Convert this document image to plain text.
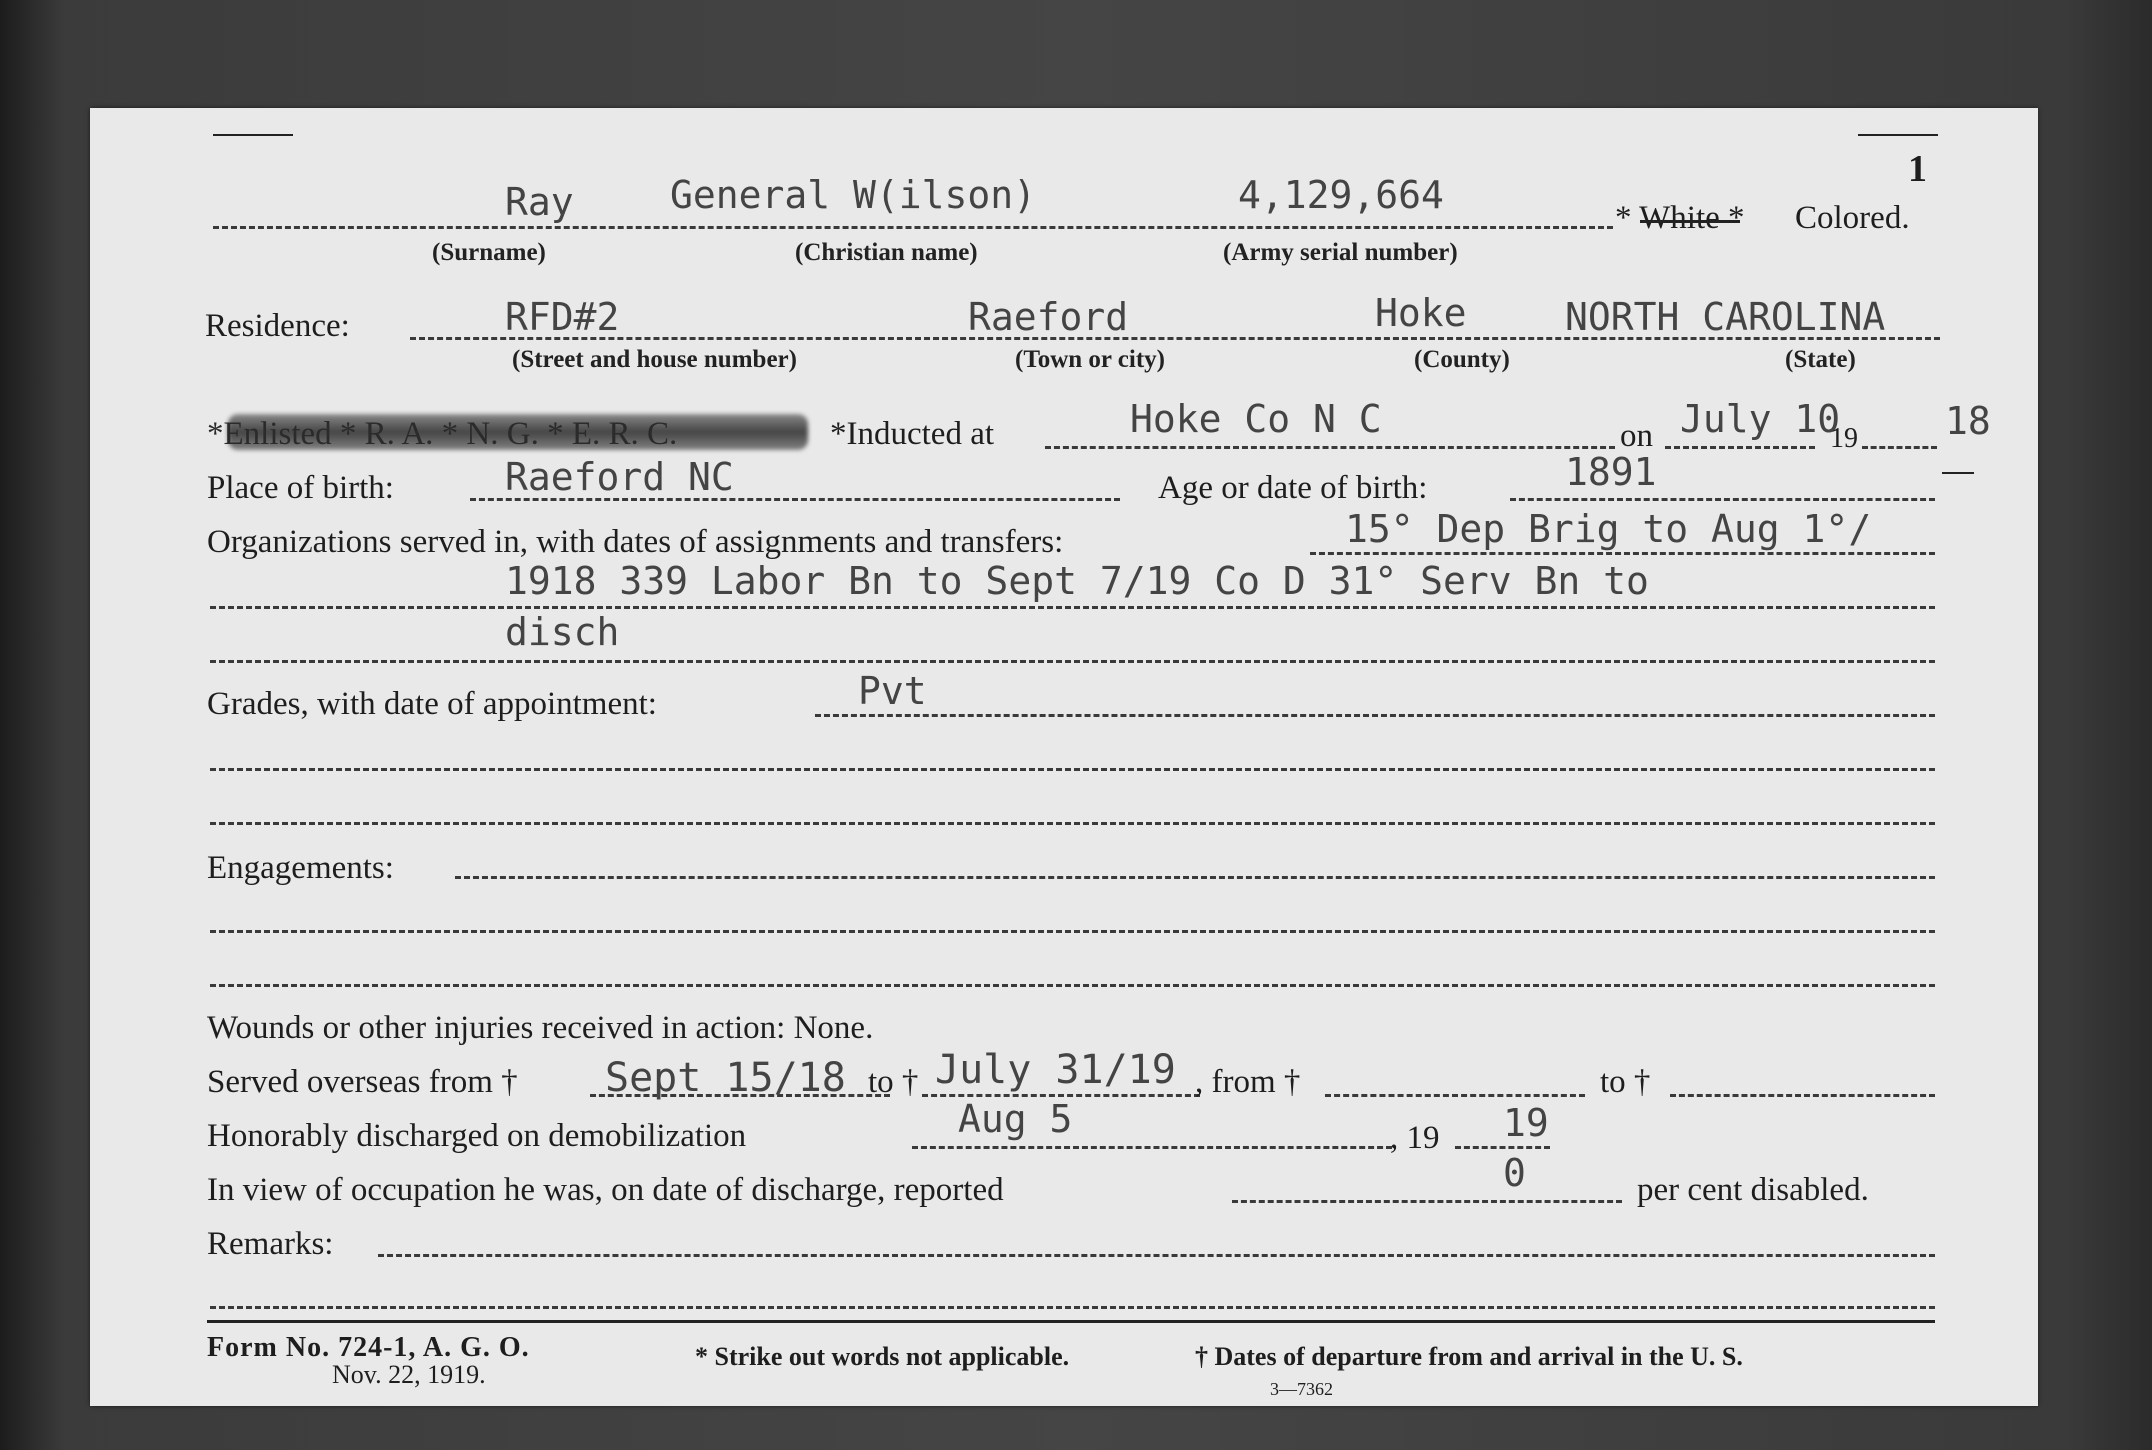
1
Ray	General W(ilson)	4,129,664
* White * Colored.
(Surname)	(Christian name)	(Army serial number)
Residence:	RFD#2	Raeford	Hoke	NORTH CAROLINA
(Street and house number)	(Town or city)	(County)	(State)
*Enlisted * R. A. * N. G. * E. R. C.	*Inducted at	Hoke Co N C	on July 10
19 18
Place of birth:	Raeford NC	Age or date of birth:	1891
Organizations served in, with dates of assignments and transfers:	15° Dep Brig to Aug 1°/
1918 339 Labor Bn to Sept 7/19 Co D 31° Serv Bn to
disch
Grades, with date of appointment:	Pvt
Engagements:
Wounds or other injuries received in action: None.
Served overseas from † Sept 15/18 to † July 31/19 , from †	to †
Honorably discharged on demobilization	Aug 5	, 19 19
In view of occupation he was, on date of discharge, reported	0	per cent disabled.
Remarks:
Form No. 724-1, A. G. O.
Nov. 22, 1919.
* Strike out words not applicable.	† Dates of departure from and arrival in the U. S.
3—7362
